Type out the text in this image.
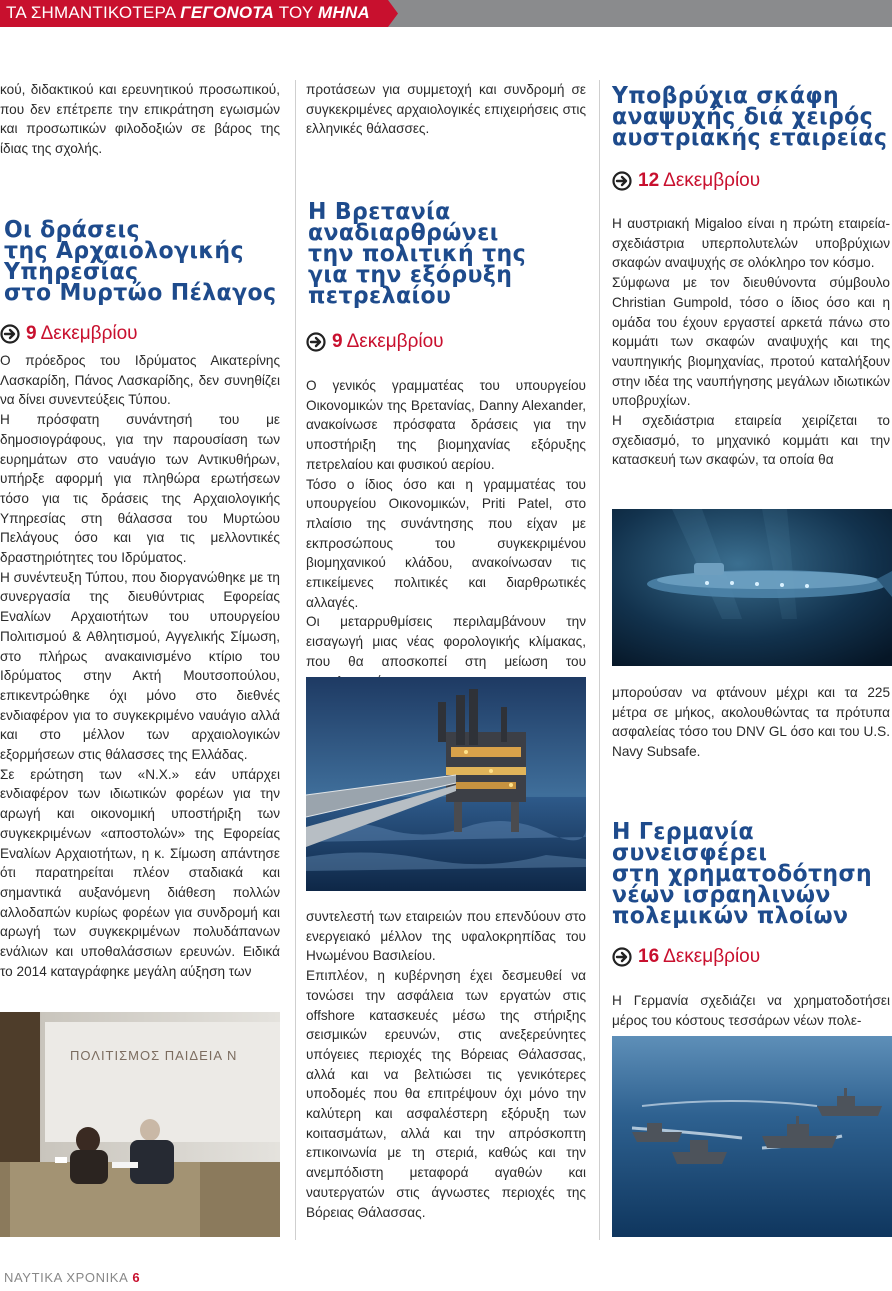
ΤΑ ΣΗΜΑΝΤΙΚΟΤΕΡΑ ΓΕΓΟΝΟΤΑ ΤΟΥ ΜΗΝΑ

κού, διδακτικού και ερευνητικού προσωπικού, που δεν επέτρεπε την επικράτηση εγωισμών και προσωπικών φιλοδοξιών σε βάρος της ίδιας της σχολής.

Οι δράσεις
της Αρχαιολογικής
Υπηρεσίας
στο Μυρτώο Πέλαγος
9 Δεκεμβρίου

Ο πρόεδρος του Ιδρύματος Αικατερίνης Λασκαρίδη, Πάνος Λασκαρίδης, δεν συνηθίζει να δίνει συνεντεύξεις Τύπου.

Η πρόσφατη συνάντησή του με δημοσιογράφους, για την παρουσίαση των ευρημάτων στο ναυάγιο των Αντικυθήρων, υπήρξε αφορμή για πληθώρα ερωτήσεων τόσο για τις δράσεις της Αρχαιολογικής Υπηρεσίας στη θάλασσα του Μυρτώου Πελάγους όσο και για τις μελλοντικές δραστηριότητες του Ιδρύματος.

Η συνέντευξη Τύπου, που διοργανώθηκε με τη συνεργασία της διευθύντριας Εφορείας Εναλίων Αρχαιοτήτων του υπουργείου Πολιτισμού & Αθλητισμού, Αγγελικής Σίμωση, στο πλήρως ανακαινισμένο κτίριο του Ιδρύματος στην Ακτή Μουτσοπούλου, επικεντρώθηκε όχι μόνο στο διεθνές ενδιαφέρον για το συγκεκριμένο ναυάγιο αλλά και στο μέλλον των αρχαιολογικών εξορμήσεων στις θάλασσες της Ελλάδας.

Σε ερώτηση των «Ν.Χ.» εάν υπάρχει ενδιαφέρον των ιδιωτικών φορέων για την αρωγή και οικονομική υποστήριξη των συγκεκριμένων «αποστολών» της Εφορείας Εναλίων Αρχαιοτήτων, η κ. Σίμωση απάντησε ότι παρατηρείται πλέον σταδιακά και σημαντικά αυξανόμενη διάθεση πολλών αλλοδαπών κυρίως φορέων για συνδρομή και αρωγή των συγκεκριμένων πολυδάπανων ενάλιων και υποθαλάσσιων ερευνών. Ειδικά το 2014 καταγράφηκε μεγάλη αύξηση των

ΠΟΛΙΤΙΣΜΟΣ ΠΑΙΔΕΙΑ Ν

προτάσεων για συμμετοχή και συνδρομή σε συγκεκριμένες αρχαιολογικές επιχειρήσεις στις ελληνικές θάλασσες.

Η Βρετανία
αναδιαρθρώνει
την πολιτική της
για την εξόρυξη
πετρελαίου
9 Δεκεμβρίου

Ο γενικός γραμματέας του υπουργείου Οικονομικών της Βρετανίας, Danny Alexander, ανακοίνωσε πρόσφατα δράσεις για την υποστήριξη της βιομηχανίας εξόρυξης πετρελαίου και φυσικού αερίου.

Τόσο ο ίδιος όσο και η γραμματέας του υπουργείου Οικονομικών, Priti Patel, στο πλαίσιο της συνάντησης που είχαν με εκπροσώπους του συγκεκριμένου βιομηχανικού κλάδου, ανακοίνωσαν τις επικείμενες πολιτικές και διαρθρωτικές αλλαγές.

Οι μεταρρυθμίσεις περιλαμβάνουν την εισαγωγή μιας νέας φορολογικής κλίμακας, που θα αποσκοπεί στη μείωση του

συντελεστή των εταιρειών που επενδύουν στο ενεργειακό μέλλον της υφαλοκρηπίδας του Ηνωμένου Βασιλείου.

Επιπλέον, η κυβέρνηση έχει δεσμευθεί να τονώσει την ασφάλεια των εργατών στις offshore κατασκευές μέσω της στήριξης σεισμικών ερευνών, στις ανεξερεύνητες υπόγειες περιοχές της Βόρειας Θάλασσας, αλλά και να βελτιώσει τις γενικότερες υποδομές που θα επιτρέψουν όχι μόνο την καλύτερη και ασφαλέστερη εξόρυξη των κοιτασμάτων, αλλά και την απρόσκοπτη επικοινωνία με τη στεριά, καθώς και την ανεμπόδιστη μεταφορά αγαθών και ναυτεργατών στις άγνωστες περιοχές της Βόρειας Θάλασσας.

Υποβρύχια σκάφη
αναψυχής διά χειρός
αυστριακής εταιρείας
12 Δεκεμβρίου

Η αυστριακή Migaloo είναι η πρώτη εταιρεία-σχεδιάστρια υπερπολυτελών υποβρύχιων σκαφών αναψυχής σε ολόκληρο τον κόσμο.

Σύμφωνα με τον διευθύνοντα σύμβουλο Christian Gumpold, τόσο ο ίδιος όσο και η ομάδα του έχουν εργαστεί αρκετά πάνω στο κομμάτι των σκαφών αναψυχής και της ναυπηγικής βιομηχανίας, προτού καταλήξουν στην ιδέα της ναυπήγησης μεγάλων ιδιωτικών υποβρυχίων.

Η σχεδιάστρια εταιρεία χειρίζεται το σχεδιασμό, το μηχανικό κομμάτι και την κατασκευή των σκαφών, τα οποία θα

μπορούσαν να φτάνουν μέχρι και τα 225 μέτρα σε μήκος, ακολουθώντας τα πρότυπα ασφαλείας τόσο του DNV GL όσο και του U.S. Navy Subsafe.

Η Γερμανία
συνεισφέρει
στη χρηματοδότηση
νέων ισραηλινών
πολεμικών πλοίων
16 Δεκεμβρίου

Η Γερμανία σχεδιάζει να χρηματοδοτήσει μέρος του κόστους τεσσάρων νέων πολε-

ΝΑΥΤΙΚΑ ΧΡΟΝΙΚΑ 6
